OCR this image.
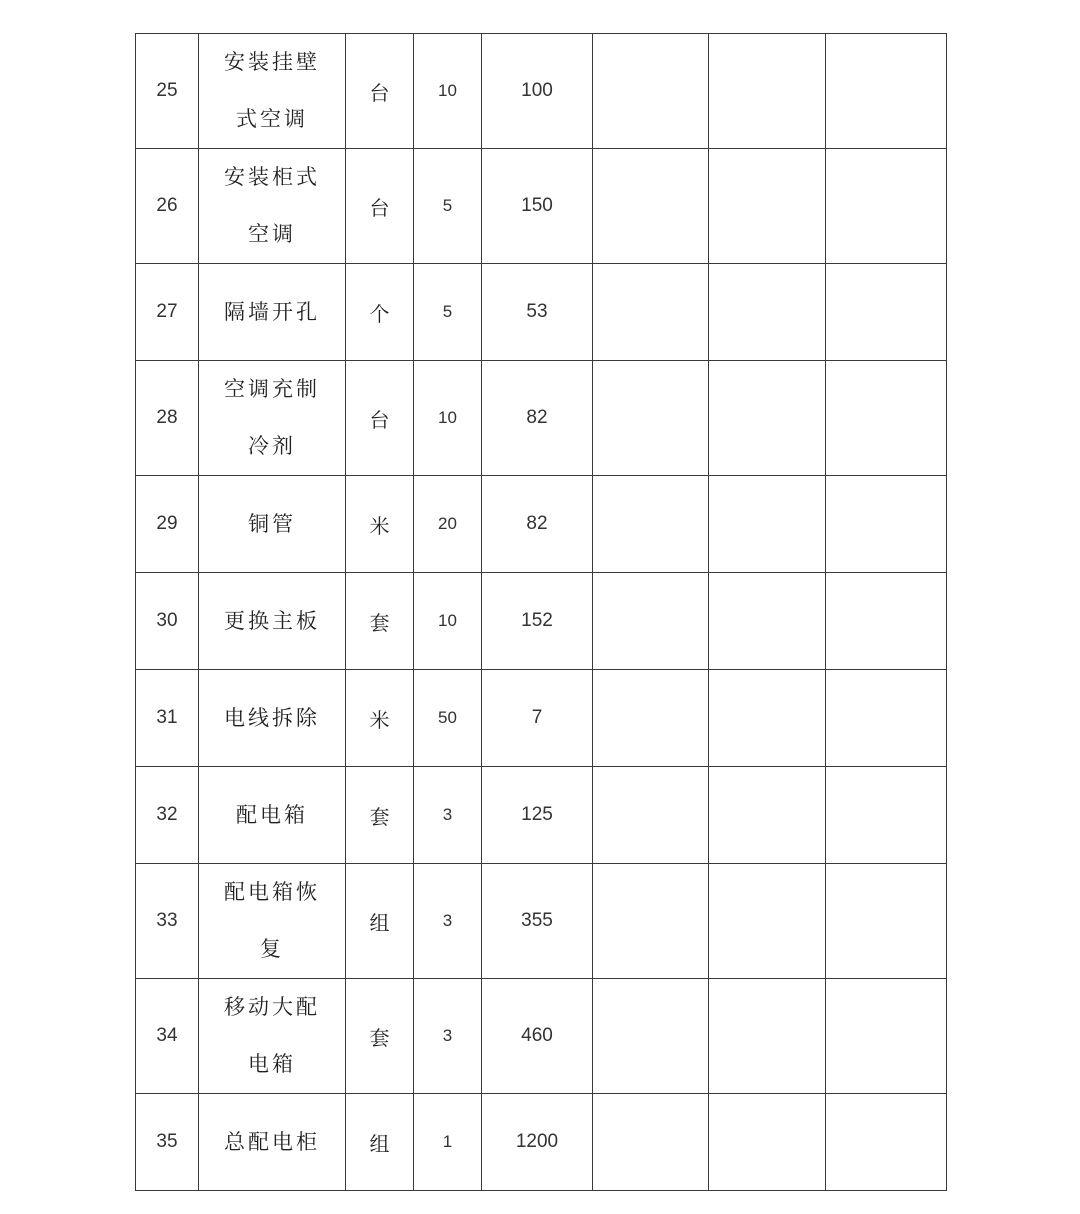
25	安装挂壁式空调	台	10	100			
26	安装柜式空调	台	5	150			
27	隔墙开孔	个	5	53			
28	空调充制冷剂	台	10	82			
29	铜管	米	20	82			
30	更换主板	套	10	152			
31	电线拆除	米	50	7			
32	配电箱	套	3	125			
33	配电箱恢复	组	3	355			
34	移动大配电箱	套	3	460			
35	总配电柜	组	1	1200			
